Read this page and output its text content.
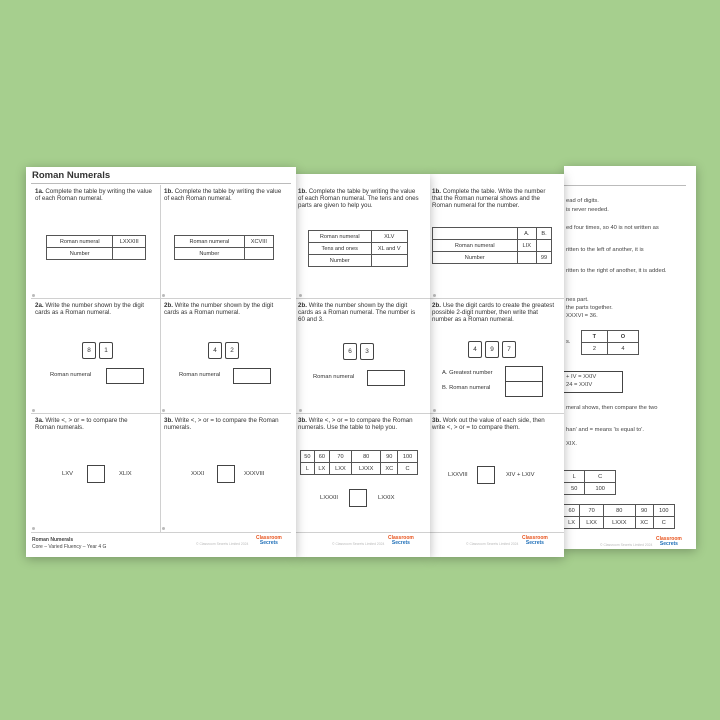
Roman Numerals
1a. Complete the table by writing the value of each Roman numeral.
Roman numeral	LXXXIII
Number	
1b. Complete the table by writing the value of each Roman numeral.
Roman numeral	XCVIII
Number	
2a. Write the number shown by the digit cards as a Roman numeral.
8	1
Roman numeral
2b. Write the number shown by the digit cards as a Roman numeral.
4	2
Roman numeral
3a. Write <, > or = to compare the Roman numerals.
LXV	XLIX
3b. Write <, > or = to compare the Roman numerals.
XXXI	XXXVIII
Roman Numerals
Core – Varied Fluency – Year 4 G	© Classroom Secrets Limited 2024
Classroom
Secrets
1b. Complete the table by writing the value of each Roman numeral. The tens and ones parts are given to help you.
Roman numeral	XLV
Tens and ones	XL and V
Number	
2b. Write the number shown by the digit cards as a Roman numeral. The number is 60 and 3.
6	3
Roman numeral
3b. Write <, > or = to compare the Roman numerals. Use the table to help you.
50	60	70	80	90	100
L	LX	LXX	LXXX	XC	C
LXXXII	LXXIX
© Classroom Secrets Limited 2024
Classroom
Secrets
1b. Complete the table. Write the number that the Roman numeral shows and the Roman numeral for the number.
	A.	B.
Roman numeral	LIX	
Number		99
2b. Use the digit cards to create the greatest possible 2-digit number, then write that number as a Roman numeral.
4	9	7
A. Greatest number
B. Roman numeral
3b. Work out the value of each side, then write <, > or = to compare them.
LXXVIII	XIV + LXIV
© Classroom Secrets Limited 2024
Classroom
Secrets
ead of digits.
is never needed.
ed four times, so 40 is not written as
ritten to the left of another, it is
ritten to the right of another, it is added.
nes part.
the parts together.
XXXVI = 36.
s.
T	O
2	4
+ IV = XXIV
24 = XXIV
meral shows, then compare the two
han' and = means 'is equal to'.
XIX.
L	C
50	100
60	70	80	90	100
LX	LXX	LXXX	XC	C
© Classroom Secrets Limited 2024
Classroom
Secrets
